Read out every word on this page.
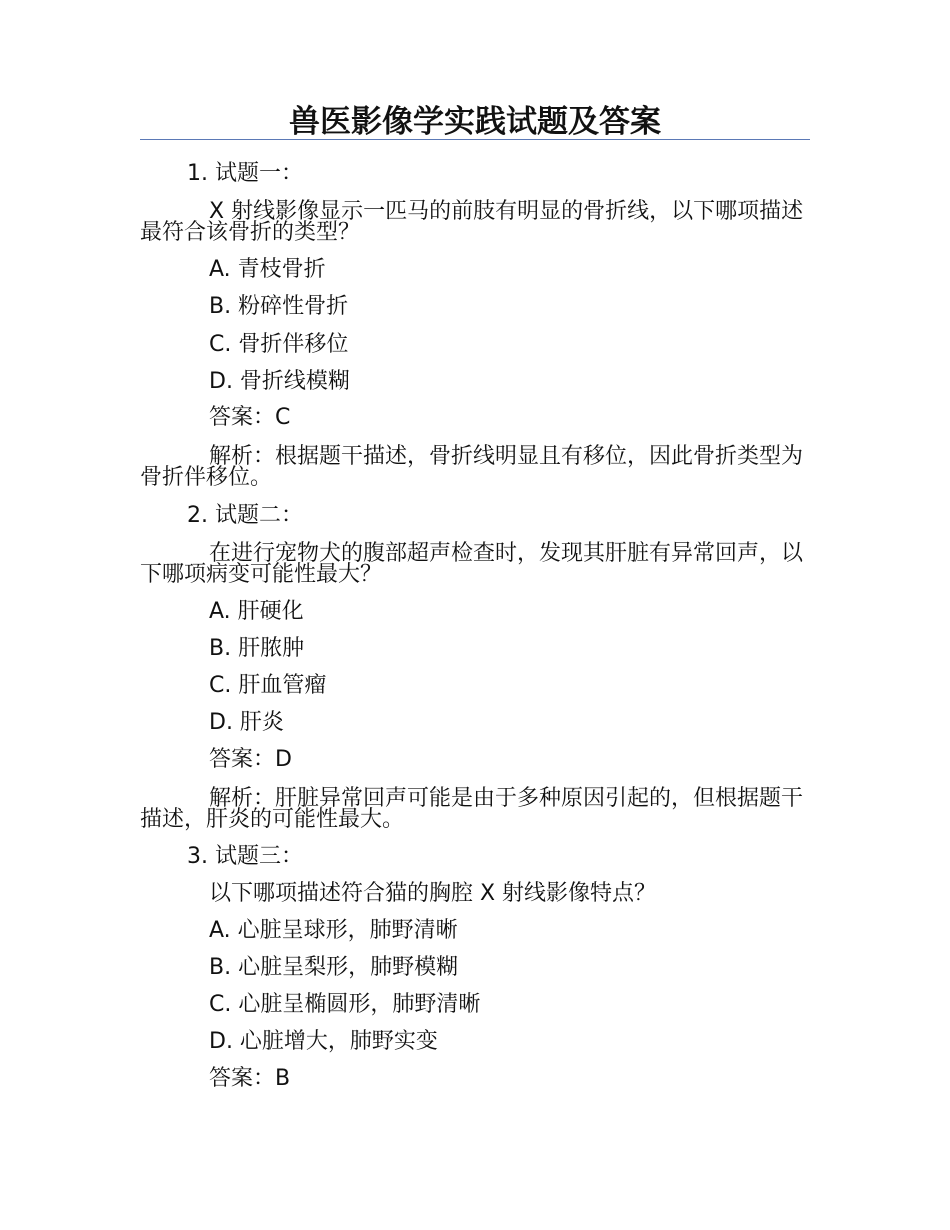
兽医影像学实践试题及答案
1. 试题一：
X 射线影像显示一匹马的前肢有明显的骨折线，以下哪项描述最符合该骨折的类型？
A. 青枝骨折
B. 粉碎性骨折
C. 骨折伴移位
D. 骨折线模糊
答案：C
解析：根据题干描述，骨折线明显且有移位，因此骨折类型为骨折伴移位。
2. 试题二：
在进行宠物犬的腹部超声检查时，发现其肝脏有异常回声，以下哪项病变可能性最大？
A. 肝硬化
B. 肝脓肿
C. 肝血管瘤
D. 肝炎
答案：D
解析：肝脏异常回声可能是由于多种原因引起的，但根据题干描述，肝炎的可能性最大。
3. 试题三：
以下哪项描述符合猫的胸腔 X 射线影像特点？
A. 心脏呈球形，肺野清晰
B. 心脏呈梨形，肺野模糊
C. 心脏呈椭圆形，肺野清晰
D. 心脏增大，肺野实变
答案：B
